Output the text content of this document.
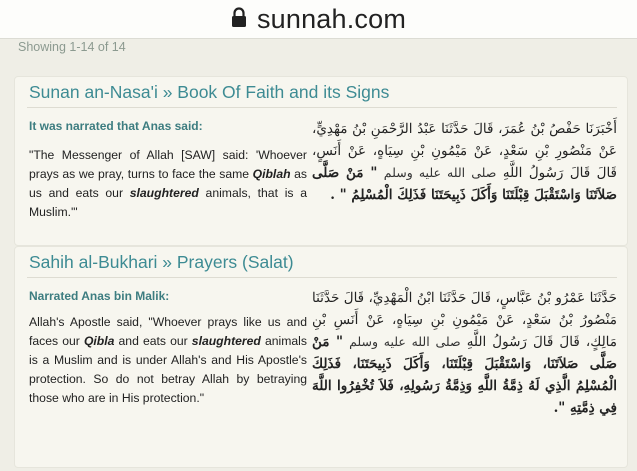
sunnah.com
Showing 1-14 of 14
Sunan an-Nasa'i » Book Of Faith and its Signs
It was narrated that Anas said:

"The Messenger of Allah [SAW] said: 'Whoever prays as we pray, turns to face the same Qiblah as us and eats our slaughtered animals, that is a Muslim.'"

أَخْبَرَنَا حَفْصُ بْنُ عُمَرَ، قَالَ حَدَّثَنَا عَبْدُ الرَّحْمَنِ بْنُ مَهْدِيٍّ، عَنْ مَنْصُورِ بْنِ سَعْدٍ، عَنْ مَيْمُونِ بْنِ سِيَاهٍ، عَنْ أَنَسٍ، قَالَ قَالَ رَسُولُ اللَّهِ صلى الله عليه وسلم " مَنْ صَلَّى صَلاَتَنَا وَاسْتَقْبَلَ قِبْلَتَنَا وَأَكَلَ ذَبِيحَتَنَا فَذَلِكَ الْمُسْلِمُ " .
Sahih al-Bukhari » Prayers (Salat)
Narrated Anas bin Malik:

Allah's Apostle said, "Whoever prays like us and faces our Qibla and eats our slaughtered animals is a Muslim and is under Allah's and His Apostle's protection. So do not betray Allah by betraying those who are in His protection."

حَدَّثَنَا عَمْرُو بْنُ عَبَّاسٍ، قَالَ حَدَّثَنَا ابْنُ الْمَهْدِيِّ، قَالَ حَدَّثَنَا مَنْصُورُ بْنُ سَعْدٍ، عَنْ مَيْمُونِ بْنِ سِيَاهٍ، عَنْ أَنَسِ بْنِ مَالِكٍ، قَالَ قَالَ رَسُولُ اللَّهِ صلى الله عليه وسلم " مَنْ صَلَّى صَلاَتَنَا، وَاسْتَقْبَلَ قِبْلَتَنَا، وَأَكَلَ ذَبِيحَتَنَا، فَذَلِكَ الْمُسْلِمُ الَّذِي لَهُ ذِمَّةُ اللَّهِ وَذِمَّةُ رَسُولِهِ، فَلاَ تُخْفِرُوا اللَّهَ فِي ذِمَّتِهِ ".
